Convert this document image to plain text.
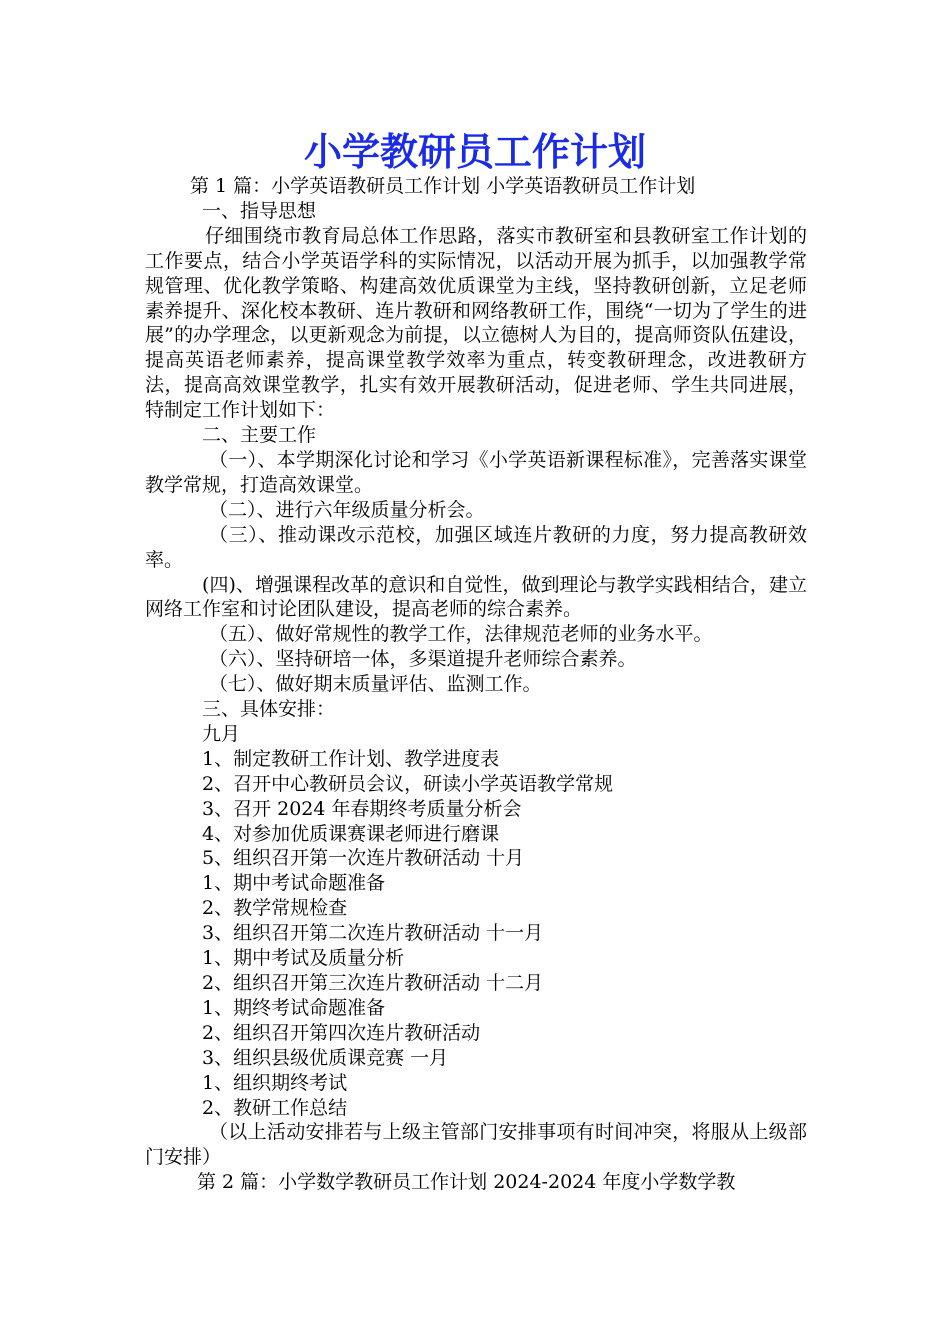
小学教研员工作计划

第 1 篇：小学英语教研员工作计划 小学英语教研员工作计划

一、指导思想

仔细围绕市教育局总体工作思路，落实市教研室和县教研室工作计划的工作要点，结合小学英语学科的实际情况，以活动开展为抓手，以加强教学常规管理、优化教学策略、构建高效优质课堂为主线，坚持教研创新，立足老师素养提升、深化校本教研、连片教研和网络教研工作，围绕“一切为了学生的进展”的办学理念，以更新观念为前提，以立德树人为目的，提高师资队伍建设，提高英语老师素养，提高课堂教学效率为重点，转变教研理念，改进教研方法，提高高效课堂教学，扎实有效开展教研活动，促进老师、学生共同进展，特制定工作计划如下：

二、主要工作

（一）、本学期深化讨论和学习《小学英语新课程标准》，完善落实课堂教学常规，打造高效课堂。

（二）、进行六年级质量分析会。

（三）、推动课改示范校，加强区域连片教研的力度，努力提高教研效率。

(四)、增强课程改革的意识和自觉性，做到理论与教学实践相结合，建立网络工作室和讨论团队建设，提高老师的综合素养。

（五）、做好常规性的教学工作，法律规范老师的业务水平。

（六）、坚持研培一体，多渠道提升老师综合素养。

（七）、做好期末质量评估、监测工作。

三、具体安排：

九月

1、制定教研工作计划、教学进度表

2、召开中心教研员会议，研读小学英语教学常规

3、召开 2024 年春期终考质量分析会

4、对参加优质课赛课老师进行磨课

5、组织召开第一次连片教研活动 十月

1、期中考试命题准备

2、教学常规检查

3、组织召开第二次连片教研活动 十一月

1、期中考试及质量分析

2、组织召开第三次连片教研活动 十二月

1、期终考试命题准备

2、组织召开第四次连片教研活动

3、组织县级优质课竞赛 一月

1、组织期终考试

2、教研工作总结

（以上活动安排若与上级主管部门安排事项有时间冲突，将服从上级部门安排）

第 2 篇：小学数学教研员工作计划 2024-2024 年度小学数学教
